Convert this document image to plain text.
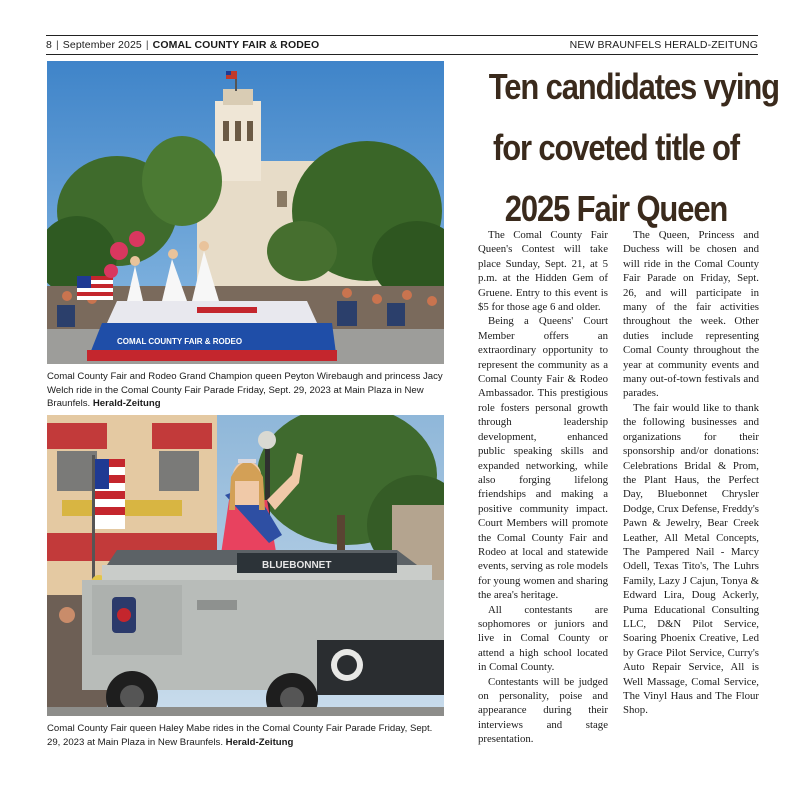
8 | September 2025 | COMAL COUNTY FAIR & RODEO	NEW BRAUNFELS HERALD-ZEITUNG
COMAL COUNTY FAIR & RODEO
Comal County Fair and Rodeo Grand Champion queen Peyton Wirebaugh and princess Jacy Welch ride in the Comal County Fair Parade Friday, Sept. 29, 2023 at Main Plaza in New Braunfels. Herald-Zeitung
BLUEBONNET
Comal County Fair queen Haley Mabe rides in the Comal County Fair Parade Friday, Sept. 29, 2023 at Main Plaza in New Braunfels. Herald-Zeitung
Ten candidates vying
for coveted title of
2025 Fair Queen

The Comal County Fair Queen's Contest will take place Sunday, Sept. 21, at 5 p.m. at the Hidden Gem of Gruene. Entry to this event is $5 for those age 6 and older.

Being a Queens' Court Member offers an extraordinary opportunity to represent the community as a Comal County Fair & Rodeo Ambassador. This prestigious role fosters personal growth through leadership development, enhanced public speaking skills and expanded networking, while also forging lifelong friendships and making a positive community impact. Court Members will promote the Comal County Fair and Rodeo at local and statewide events, serving as role models for young women and sharing the area's heritage.

All contestants are sophomores or juniors and live in Comal County or attend a high school located in Comal County.

Contestants will be judged on personality, poise and appearance during their interviews and stage presentation.

The Queen, Princess and Duchess will be chosen and will ride in the Comal County Fair Parade on Friday, Sept. 26, and will participate in many of the fair activities throughout the week. Other duties include representing Comal County throughout the year at community events and many out-of-town festivals and parades.

The fair would like to thank the following businesses and organizations for their sponsorship and/or donations: Celebrations Bridal & Prom, the Plant Haus, the Perfect Day, Bluebonnet Chrysler Dodge, Crux Defense, Freddy's Pawn & Jewelry, Bear Creek Leather, All Metal Concepts, The Pampered Nail - Marcy Odell, Texas Tito's, The Luhrs Family, Lazy J Cajun, Tonya & Edward Lira, Doug Ackerly, Puma Educational Consulting LLC, D&N Pilot Service, Soaring Phoenix Creative, Led by Grace Pilot Service, Curry's Auto Repair Service, All is Well Massage, Comal Service, The Vinyl Haus and The Flour Shop.
